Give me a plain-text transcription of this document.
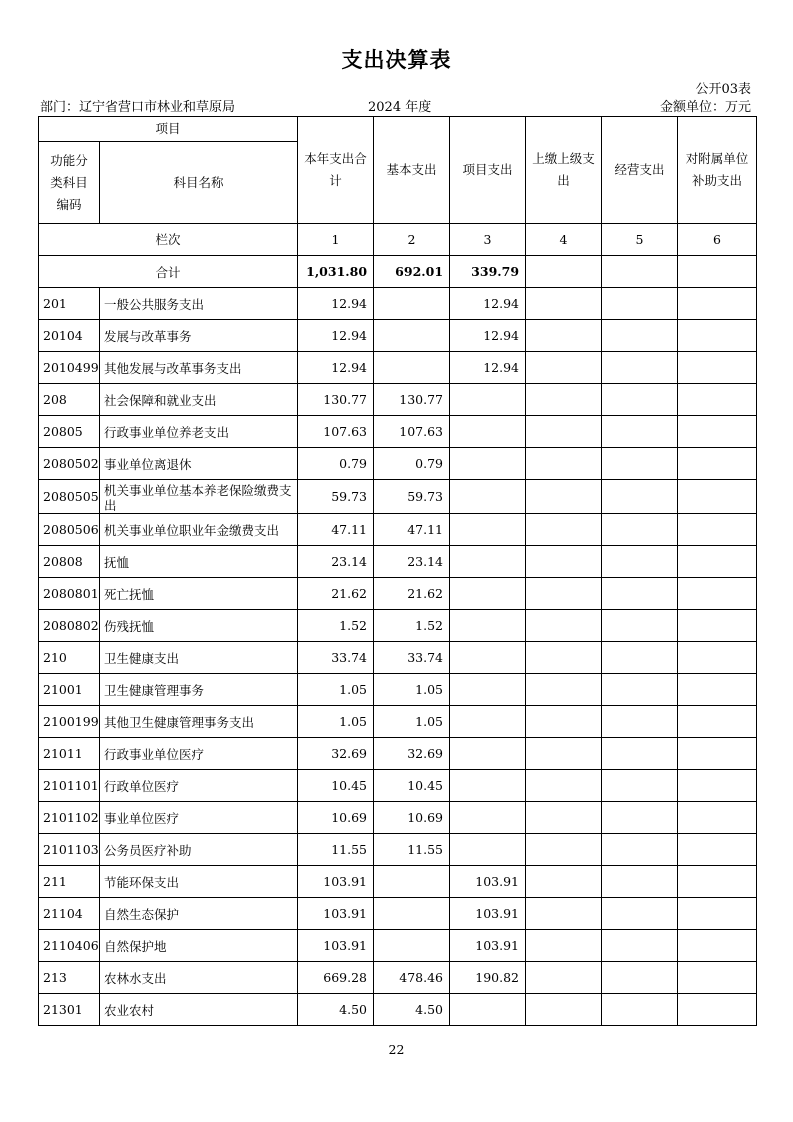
支出决算表
公开03表
部门：辽宁省营口市林业和草原局	2024 年度	金额单位：万元
项目		本年支出合计	基本支出	项目支出	上缴上级支出	经营支出	对附属单位补助支出
功能分类科目编码	科目名称						
栏次		1	2	3	4	5	6
合计		1,031.80	692.01	339.79			
201	一般公共服务支出	12.94		12.94			
20104	发展与改革事务	12.94		12.94			
2010499	其他发展与改革事务支出	12.94		12.94			
208	社会保障和就业支出	130.77	130.77				
20805	行政事业单位养老支出	107.63	107.63				
2080502	事业单位离退休	0.79	0.79				
2080505	机关事业单位基本养老保险缴费支出	59.73	59.73				
2080506	机关事业单位职业年金缴费支出	47.11	47.11				
20808	抚恤	23.14	23.14				
2080801	死亡抚恤	21.62	21.62				
2080802	伤残抚恤	1.52	1.52				
210	卫生健康支出	33.74	33.74				
21001	卫生健康管理事务	1.05	1.05				
2100199	其他卫生健康管理事务支出	1.05	1.05				
21011	行政事业单位医疗	32.69	32.69				
2101101	行政单位医疗	10.45	10.45				
2101102	事业单位医疗	10.69	10.69				
2101103	公务员医疗补助	11.55	11.55				
211	节能环保支出	103.91		103.91			
21104	自然生态保护	103.91		103.91			
2110406	自然保护地	103.91		103.91			
213	农林水支出	669.28	478.46	190.82			
21301	农业农村	4.50	4.50				
22
